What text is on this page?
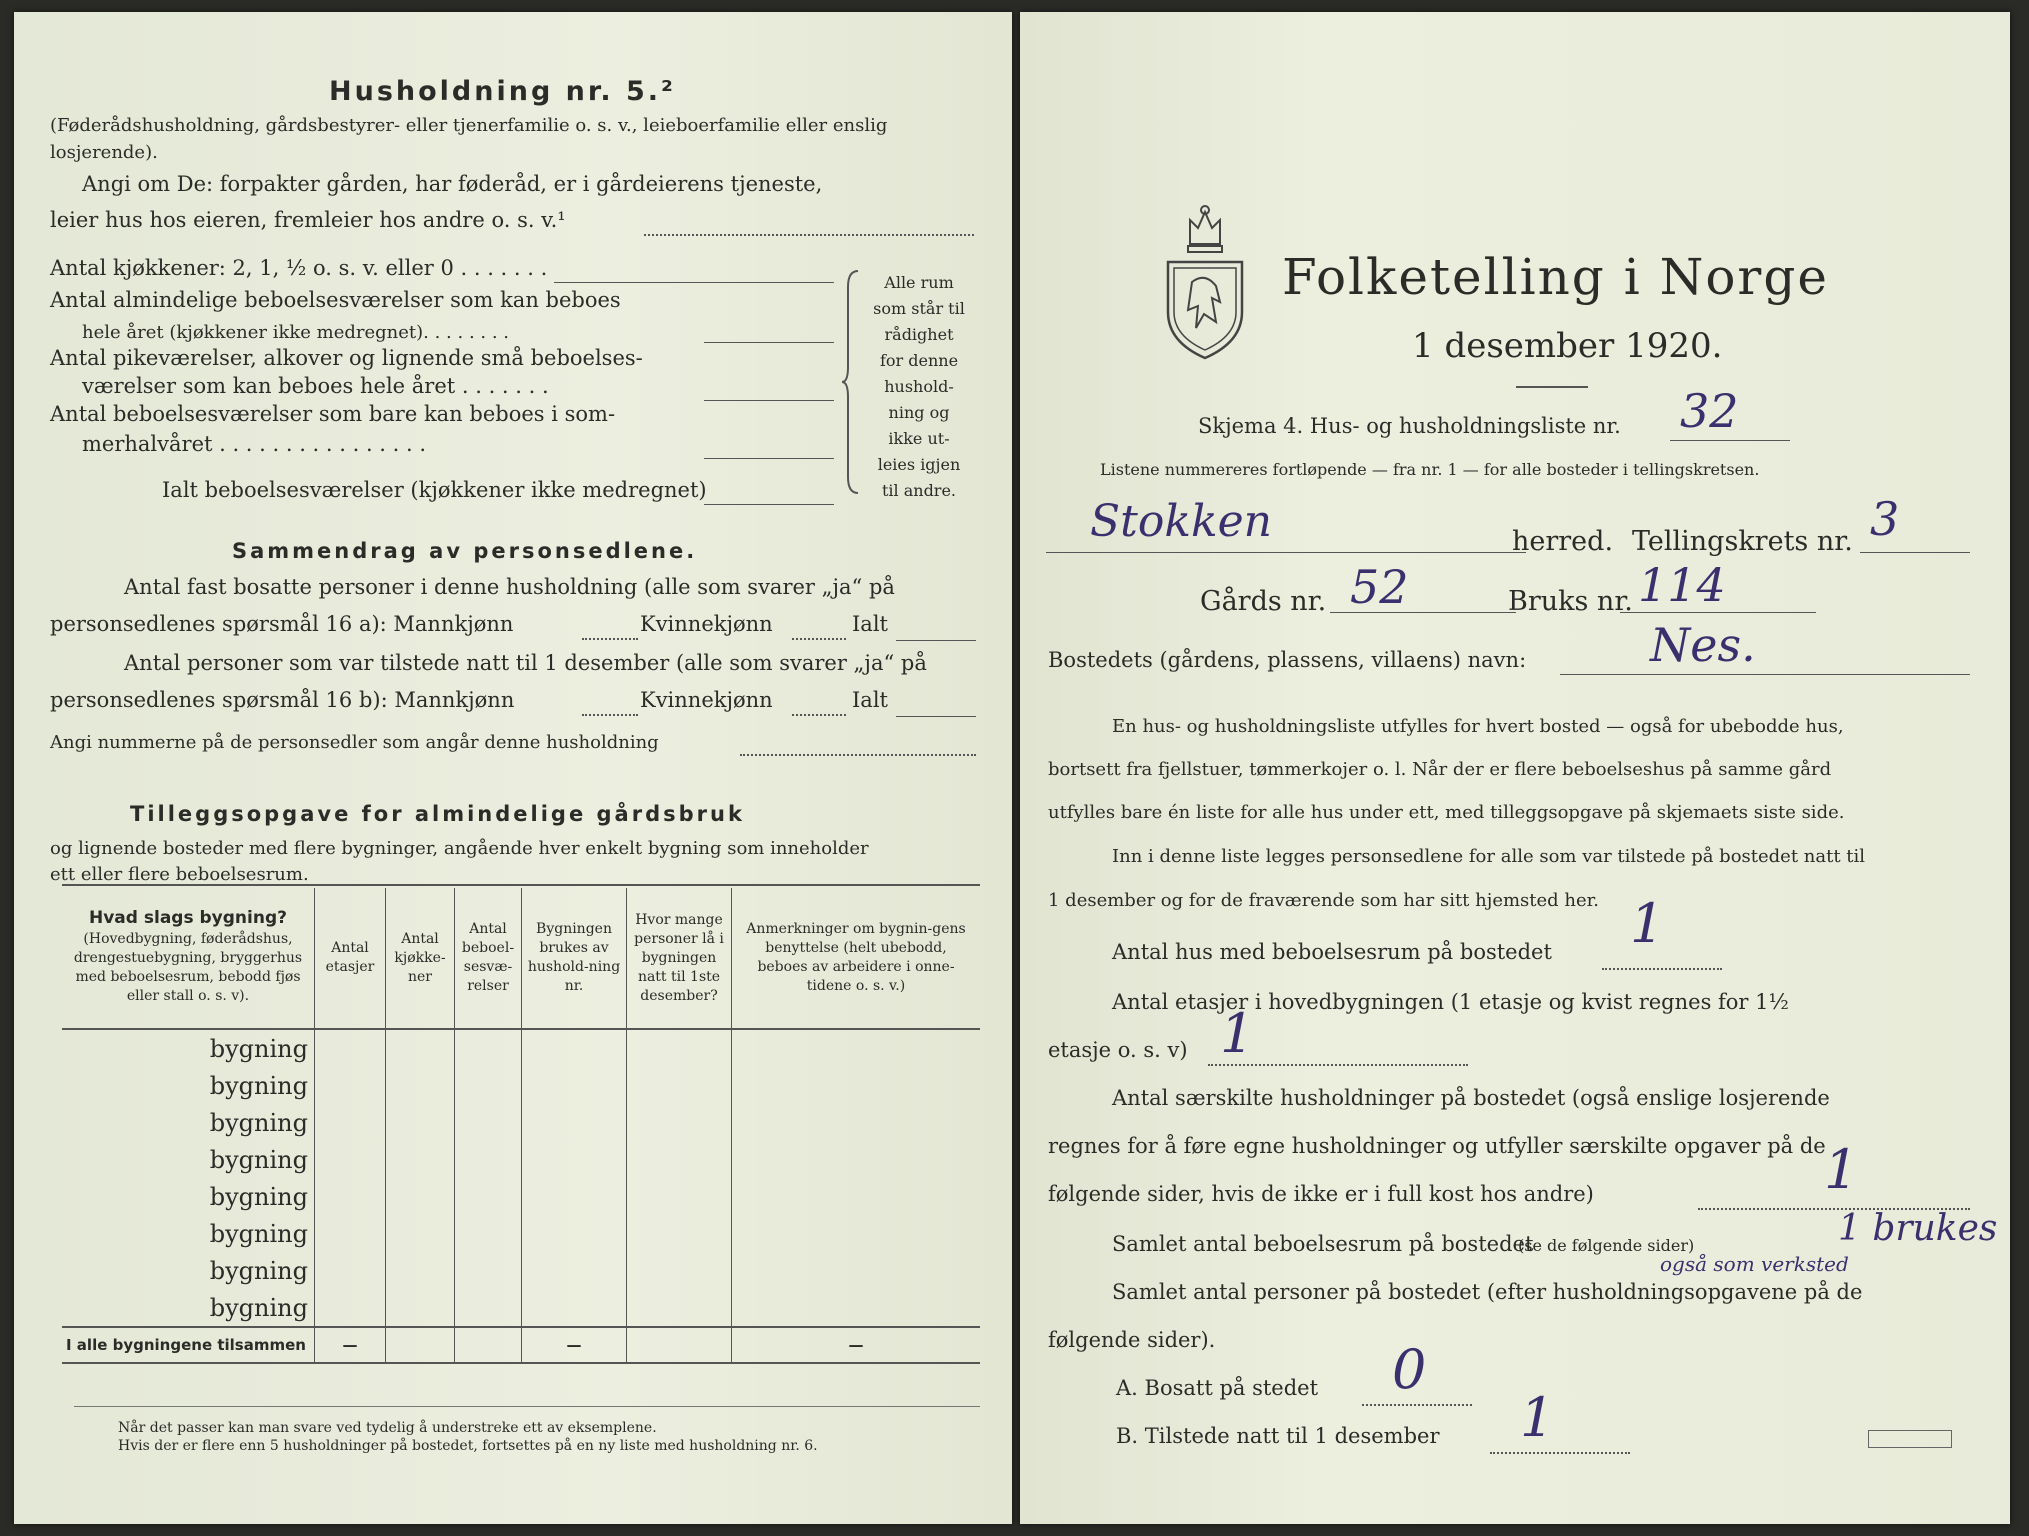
Husholdning nr. 5.²
(Føderådshusholdning, gårdsbestyrer- eller tjenerfamilie o. s. v., leieboerfamilie eller enslig losjerende).
Angi om De: forpakter gården, har føderåd, er i gårdeierens tjeneste,
leier hus hos eieren, fremleier hos andre o. s. v.¹
Antal kjøkkener: 2, 1, ½ o. s. v. eller 0 . . . . . . .
Antal almindelige beboelsesværelser som kan beboes
hele året (kjøkkener ikke medregnet). . . . . . . .
Antal pikeværelser, alkover og lignende små beboelses-
værelser som kan beboes hele året . . . . . . .
Antal beboelsesværelser som bare kan beboes i som-
merhalvåret . . . . . . . . . . . . . . . .
Ialt beboelsesværelser (kjøkkener ikke medregnet)
Alle rum
som står til
rådighet
for denne
hushold-
ning og
ikke ut-
leies igjen
til andre.
Sammendrag av personsedlene.
Antal fast bosatte personer i denne husholdning (alle som svarer „ja“ på
personsedlenes spørsmål 16 a): Mannkjønn	Kvinnekjønn	Ialt
Antal personer som var tilstede natt til 1 desember (alle som svarer „ja“ på
personsedlenes spørsmål 16 b): Mannkjønn	Kvinnekjønn	Ialt
Angi nummerne på de personsedler som angår denne husholdning
Tilleggsopgave for almindelige gårdsbruk
og lignende bosteder med flere bygninger, angående hver enkelt bygning som inneholder
ett eller flere beboelsesrum.
Hvad slags bygning?
(Hovedbygning, føderådshus, drengestuebygning, bryggerhus med beboelsesrum, bebodd fjøs eller stall o. s. v).	Antal etasjer	Antal kjøkke-ner	Antal beboel-sesvæ-relser	Bygningen brukes av hushold-ning nr.	Hvor mange personer lå i bygningen natt til 1ste desember?	Anmerkninger om bygnin-gens benyttelse (helt ubebodd, beboes av arbeidere i onne-tidene o. s. v.)
bygning						
bygning						
bygning						
bygning						
bygning						
bygning						
bygning						
bygning						
I alle bygningene tilsammen	—			—		—
Når det passer kan man svare ved tydelig å understreke ett av eksemplene.
Hvis der er flere enn 5 husholdninger på bostedet, fortsettes på en ny liste med husholdning nr. 6.
Folketelling i Norge
1 desember 1920.
Skjema 4. Hus- og husholdningsliste nr. 32
Listene nummereres fortløpende — fra nr. 1 — for alle bosteder i tellingskretsen.
Stokken	herred. Tellingskrets nr. 3
Gårds nr. 52	Bruks nr. 114
Bostedets (gårdens, plassens, villaens) navn:	Nes.
En hus- og husholdningsliste utfylles for hvert bosted — også for ubebodde hus,
bortsett fra fjellstuer, tømmerkojer o. l. Når der er flere beboelseshus på samme gård
utfylles bare én liste for alle hus under ett, med tilleggsopgave på skjemaets siste side.
Inn i denne liste legges personsedlene for alle som var tilstede på bostedet natt til
1 desember og for de fraværende som har sitt hjemsted her.
Antal hus med beboelsesrum på bostedet 1
Antal etasjer i hovedbygningen (1 etasje og kvist regnes for 1½
etasje o. s. v) 1
Antal særskilte husholdninger på bostedet (også enslige losjerende
regnes for å føre egne husholdninger og utfyller særskilte opgaver på de
følgende sider, hvis de ikke er i full kost hos andre)	1
Samlet antal beboelsesrum på bostedet
(se de følgende sider)	1 brukes
også som verksted
Samlet antal personer på bostedet (efter husholdningsopgavene på de
følgende sider).
A. Bosatt på stedet 0
B. Tilstede natt til 1 desember 1
